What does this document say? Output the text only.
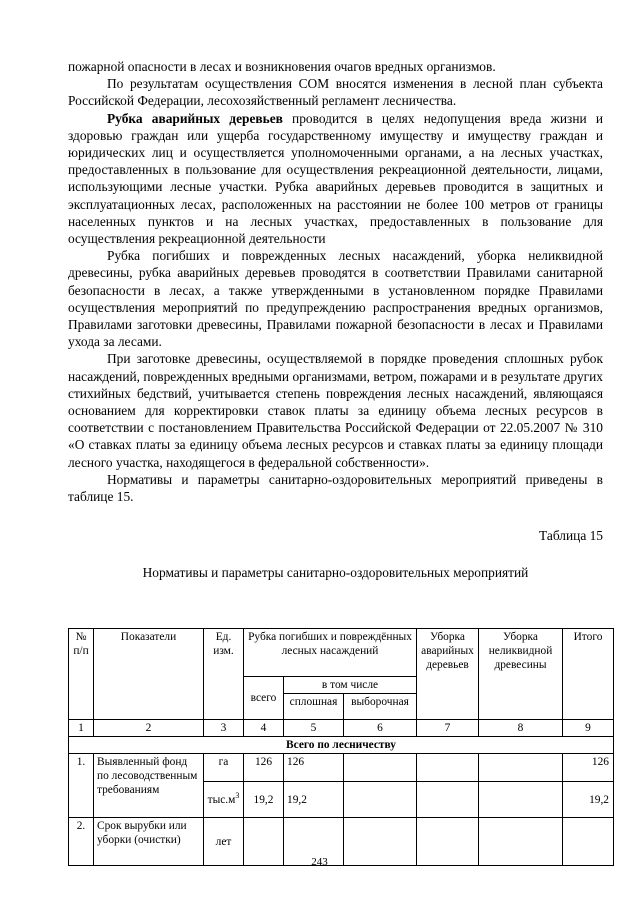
пожарной опасности в лесах и возникновения очагов вредных организмов.

По результатам осуществления СОМ вносятся изменения в лесной план субъекта Российской Федерации, лесохозяйственный регламент лесничества.

Рубка аварийных деревьев проводится в целях недопущения вреда жизни и здоровью граждан или ущерба государственному имуществу и имуществу граждан и юридических лиц и осуществляется уполномоченными органами, а на лесных участках, предоставленных в пользование для осуществления рекреационной деятельности, лицами, использующими лесные участки. Рубка аварийных деревьев проводится в защитных и эксплуатационных лесах, расположенных на расстоянии не более 100 метров от границы населенных пунктов и на лесных участках, предоставленных в пользование для осуществления рекреационной деятельности

Рубка погибших и поврежденных лесных насаждений, уборка неликвидной древесины, рубка аварийных деревьев проводятся в соответствии Правилами санитарной безопасности в лесах, а также утвержденными в установленном порядке Правилами осуществления мероприятий по предупреждению распространения вредных организмов, Правилами заготовки древесины, Правилами пожарной безопасности в лесах и Правилами ухода за лесами.

При заготовке древесины, осуществляемой в порядке проведения сплошных рубок насаждений, поврежденных вредными организмами, ветром, пожарами и в результате других стихийных бедствий, учитывается степень повреждения лесных насаждений, являющаяся основанием для корректировки ставок платы за единицу объема лесных ресурсов в соответствии с постановлением Правительства Российской Федерации от 22.05.2007 № 310 «О ставках платы за единицу объема лесных ресурсов и ставках платы за единицу площади лесного участка, находящегося в федеральной собственности».

Нормативы и параметры санитарно-оздоровительных мероприятий приведены в таблице 15.

Таблица 15
Нормативы и параметры санитарно-оздоровительных мероприятий
№ п/п	Показатели	Ед. изм.	Рубка погибших и повреждённых лесных насаждений			Уборка аварийных деревьев	Уборка неликвидной древесины	Итого
			всего	в том числе				
				сплошная	выборочная			
1	2	3	4	5	6	7	8	9
Всего по лесничеству								
1.	Выявленный фонд по лесоводственным требованиям	га	126	126				126
		$тыс.м^3$	19,2	19,2				19,2
2.	Срок вырубки или уборки (очистки)	лет						
243
